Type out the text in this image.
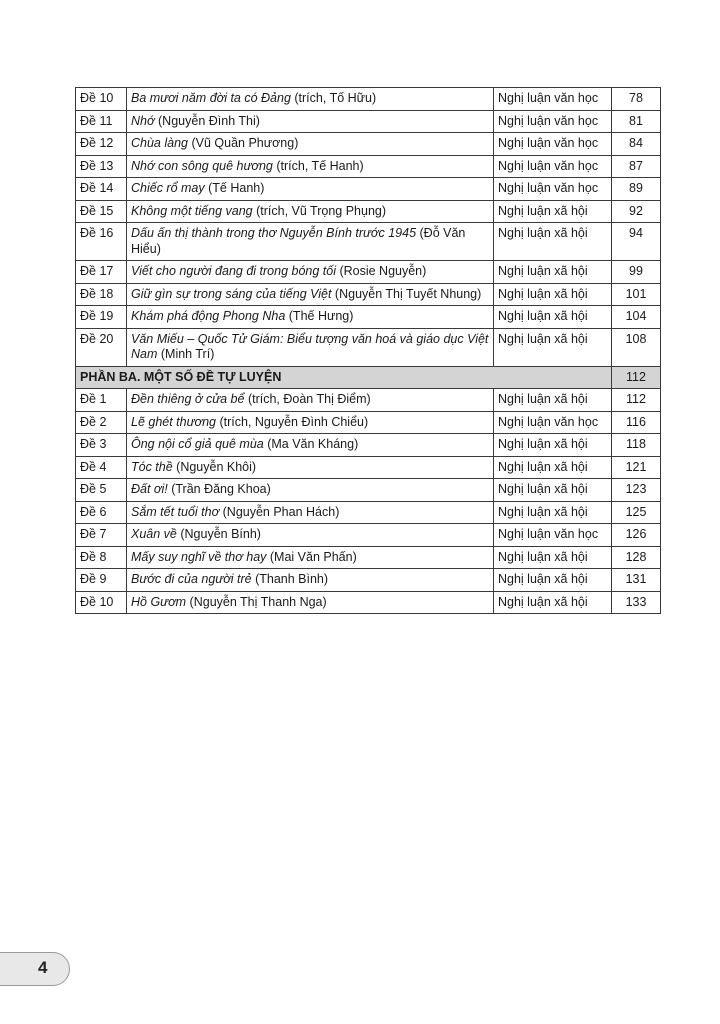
Đề 10	Ba mươi năm đời ta có Đảng (trích, Tố Hữu)	Nghị luận văn học	78
Đề 11	Nhớ (Nguyễn Đình Thi)	Nghị luận văn học	81
Đề 12	Chùa làng (Vũ Quần Phương)	Nghị luận văn học	84
Đề 13	Nhớ con sông quê hương (trích, Tế Hanh)	Nghị luận văn học	87
Đề 14	Chiếc rổ may (Tế Hanh)	Nghị luận văn học	89
Đề 15	Không một tiếng vang (trích, Vũ Trọng Phụng)	Nghị luận xã hội	92
Đề 16	Dấu ấn thị thành trong thơ Nguyễn Bính trước 1945 (Đỗ Văn Hiểu)	Nghị luận xã hội	94
Đề 17	Viết cho người đang đi trong bóng tối (Rosie Nguyễn)	Nghị luận xã hội	99
Đề 18	Giữ gìn sự trong sáng của tiếng Việt (Nguyễn Thị Tuyết Nhung)	Nghị luận xã hội	101
Đề 19	Khám phá động Phong Nha (Thế Hưng)	Nghị luận xã hội	104
Đề 20	Văn Miếu – Quốc Tử Giám: Biểu tượng văn hoá và giáo dục Việt Nam (Minh Trí)	Nghị luận xã hội	108
PHẦN BA. MỘT SỐ ĐỀ TỰ LUYỆN			112
Đề 1	Đền thiêng ở cửa bể (trích, Đoàn Thị Điểm)	Nghị luận xã hội	112
Đề 2	Lẽ ghét thương (trích, Nguyễn Đình Chiểu)	Nghị luận văn học	116
Đề 3	Ông nội cổ giả quê mùa (Ma Văn Kháng)	Nghị luận xã hội	118
Đề 4	Tóc thề (Nguyễn Khôi)	Nghị luận xã hội	121
Đề 5	Đất ơi! (Trần Đăng Khoa)	Nghị luận xã hội	123
Đề 6	Sắm tết tuổi thơ (Nguyễn Phan Hách)	Nghị luận xã hội	125
Đề 7	Xuân về (Nguyễn Bính)	Nghị luận văn học	126
Đề 8	Mấy suy nghĩ về thơ hay (Mai Văn Phấn)	Nghị luận xã hội	128
Đề 9	Bước đi của người trẻ (Thanh Bình)	Nghị luận xã hội	131
Đề 10	Hồ Gươm (Nguyễn Thị Thanh Nga)	Nghị luận xã hội	133
4
